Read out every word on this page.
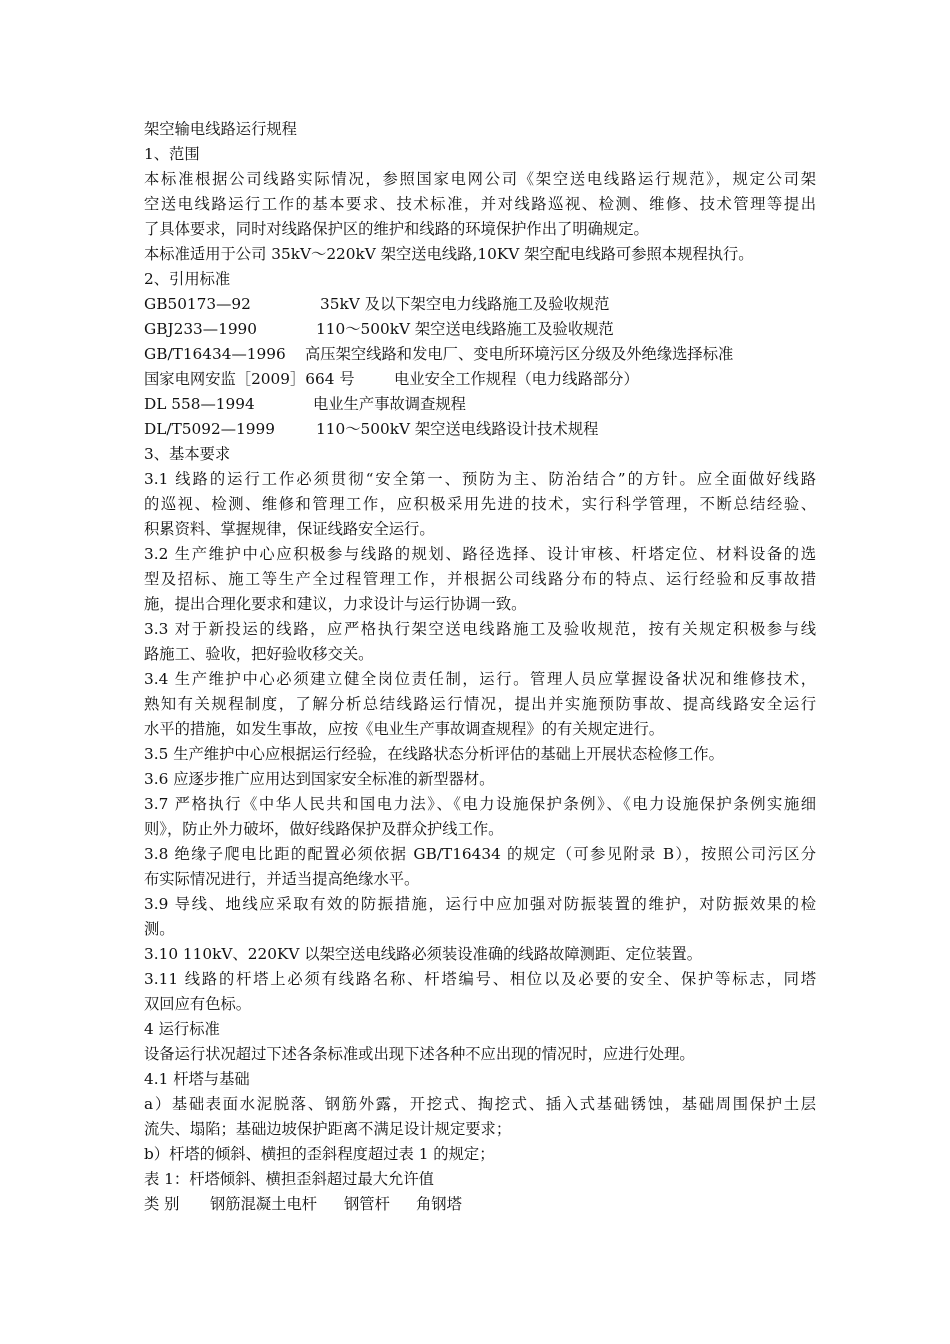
架空输电线路运行规程
1、范围
本标准根据公司线路实际情况，参照国家电网公司《架空送电线路运行规范》，规定公司架
空送电线路运行工作的基本要求、技术标准，并对线路巡视、检测、维修、技术管理等提出
了具体要求，同时对线路保护区的维护和线路的环境保护作出了明确规定。
本标准适用于公司 35kV～220kV 架空送电线路,10KV 架空配电线路可参照本规程执行。
2、引用标准
GB50173—92	35kV 及以下架空电力线路施工及验收规范
GBJ233—1990	110～500kV 架空送电线路施工及验收规范
GB/T16434—1996	高压架空线路和发电厂、变电所环境污区分级及外绝缘选择标准
国家电网安监［2009］664 号	电业安全工作规程（电力线路部分）
DL 558—1994	电业生产事故调查规程
DL/T5092—1999	110～500kV 架空送电线路设计技术规程
3、基本要求
3.1 线路的运行工作必须贯彻“安全第一、预防为主、防治结合”的方针。应全面做好线路
的巡视、检测、维修和管理工作，应积极采用先进的技术，实行科学管理，不断总结经验、
积累资料、掌握规律，保证线路安全运行。
3.2 生产维护中心应积极参与线路的规划、路径选择、设计审核、杆塔定位、材料设备的选
型及招标、施工等生产全过程管理工作，并根据公司线路分布的特点、运行经验和反事故措
施，提出合理化要求和建议，力求设计与运行协调一致。
3.3 对于新投运的线路，应严格执行架空送电线路施工及验收规范，按有关规定积极参与线
路施工、验收，把好验收移交关。
3.4 生产维护中心必须建立健全岗位责任制，运行。管理人员应掌握设备状况和维修技术，
熟知有关规程制度，了解分析总结线路运行情况，提出并实施预防事故、提高线路安全运行
水平的措施，如发生事故，应按《电业生产事故调查规程》的有关规定进行。
3.5 生产维护中心应根据运行经验，在线路状态分析评估的基础上开展状态检修工作。
3.6 应逐步推广应用达到国家安全标准的新型器材。
3.7 严格执行《中华人民共和国电力法》、《电力设施保护条例》、《电力设施保护条例实施细
则》，防止外力破坏，做好线路保护及群众护线工作。
3.8 绝缘子爬电比距的配置必须依据 GB/T16434 的规定（可参见附录 B），按照公司污区分
布实际情况进行，并适当提高绝缘水平。
3.9 导线、地线应采取有效的防振措施，运行中应加强对防振装置的维护，对防振效果的检
测。
3.10 110kV、220KV 以架空送电线路必须装设准确的线路故障测距、定位装置。
3.11 线路的杆塔上必须有线路名称、杆塔编号、相位以及必要的安全、保护等标志，同塔
双回应有色标。
4 运行标准
设备运行状况超过下述各条标准或出现下述各种不应出现的情况时，应进行处理。
4.1 杆塔与基础
a）基础表面水泥脱落、钢筋外露，开挖式、掏挖式、插入式基础锈蚀，基础周围保护土层
流失、塌陷；基础边坡保护距离不满足设计规定要求；
b）杆塔的倾斜、横担的歪斜程度超过表 1 的规定；
表 1：杆塔倾斜、横担歪斜超过最大允许值
类 别	钢筋混凝土电杆	钢管杆	角钢塔
